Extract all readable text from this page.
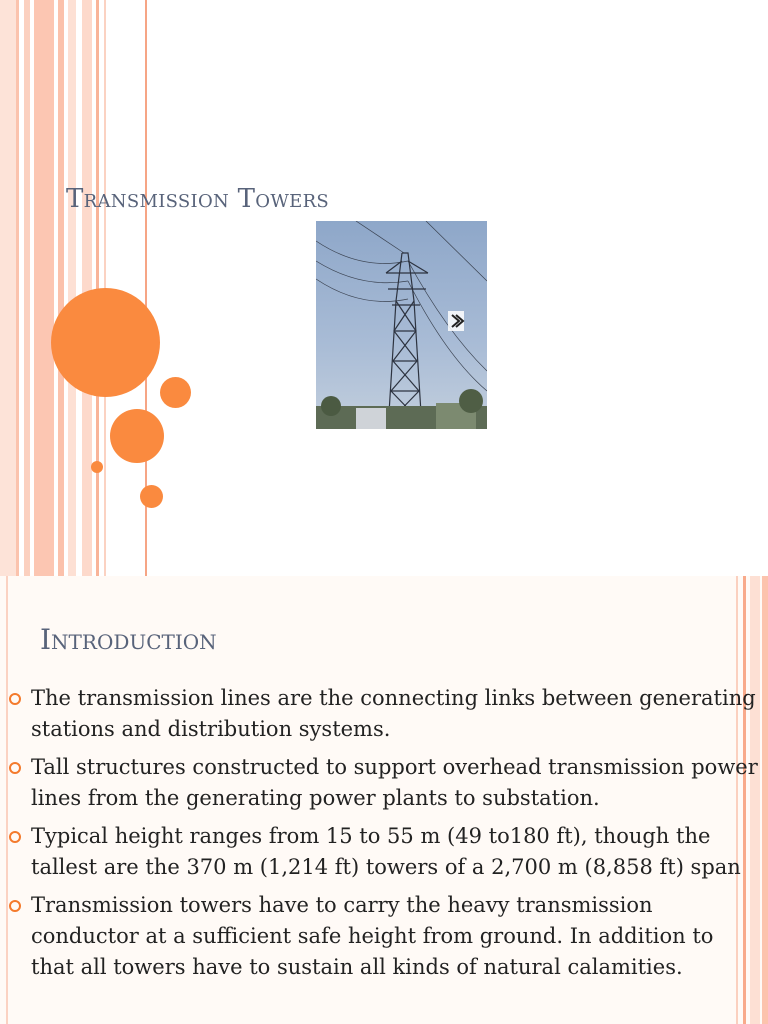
Transmission Towers
Introduction
The transmission lines are the connecting links between generating stations and distribution systems.
Tall structures constructed to support overhead transmission power lines from the generating power plants to substation.
Typical height ranges from 15 to 55 m (49 to180 ft), though the tallest are the 370 m (1,214 ft) towers of a 2,700 m (8,858 ft) span
Transmission towers have to carry the heavy transmission conductor at a sufficient safe height from ground. In addition to that all towers have to sustain all kinds of natural calamities.
